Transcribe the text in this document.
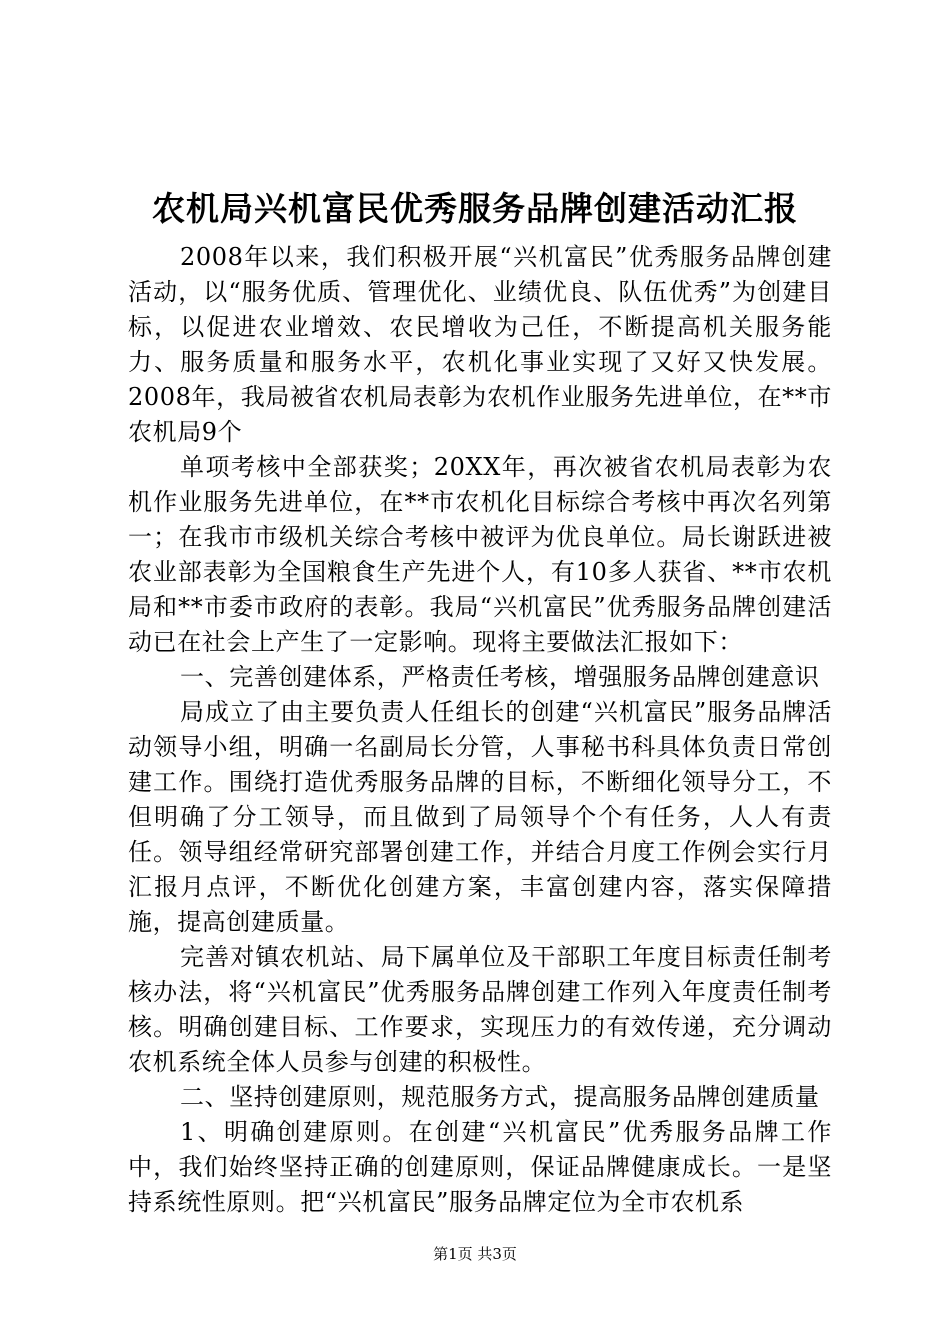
农机局兴机富民优秀服务品牌创建活动汇报

2008年以来，我们积极开展“兴机富民”优秀服务品牌创建活动，以“服务优质、管理优化、业绩优良、队伍优秀”为创建目标，以促进农业增效、农民增收为己任，不断提高机关服务能力、服务质量和服务水平，农机化事业实现了又好又快发展。2008年，我局被省农机局表彰为农机作业服务先进单位，在**市农机局9个

单项考核中全部获奖；20XX年，再次被省农机局表彰为农机作业服务先进单位，在**市农机化目标综合考核中再次名列第一；在我市市级机关综合考核中被评为优良单位。局长谢跃进被农业部表彰为全国粮食生产先进个人，有10多人获省、**市农机局和**市委市政府的表彰。我局“兴机富民”优秀服务品牌创建活动已在社会上产生了一定影响。现将主要做法汇报如下：

一、完善创建体系，严格责任考核，增强服务品牌创建意识

局成立了由主要负责人任组长的创建“兴机富民”服务品牌活动领导小组，明确一名副局长分管，人事秘书科具体负责日常创建工作。围绕打造优秀服务品牌的目标，不断细化领导分工，不但明确了分工领导，而且做到了局领导个个有任务，人人有责任。领导组经常研究部署创建工作，并结合月度工作例会实行月汇报月点评，不断优化创建方案，丰富创建内容，落实保障措施，提高创建质量。

完善对镇农机站、局下属单位及干部职工年度目标责任制考核办法，将“兴机富民”优秀服务品牌创建工作列入年度责任制考核。明确创建目标、工作要求，实现压力的有效传递，充分调动农机系统全体人员参与创建的积极性。

二、坚持创建原则，规范服务方式，提高服务品牌创建质量

1、明确创建原则。在创建“兴机富民”优秀服务品牌工作中，我们始终坚持正确的创建原则，保证品牌健康成长。一是坚持系统性原则。把“兴机富民”服务品牌定位为全市农机系

第1页 共3页
